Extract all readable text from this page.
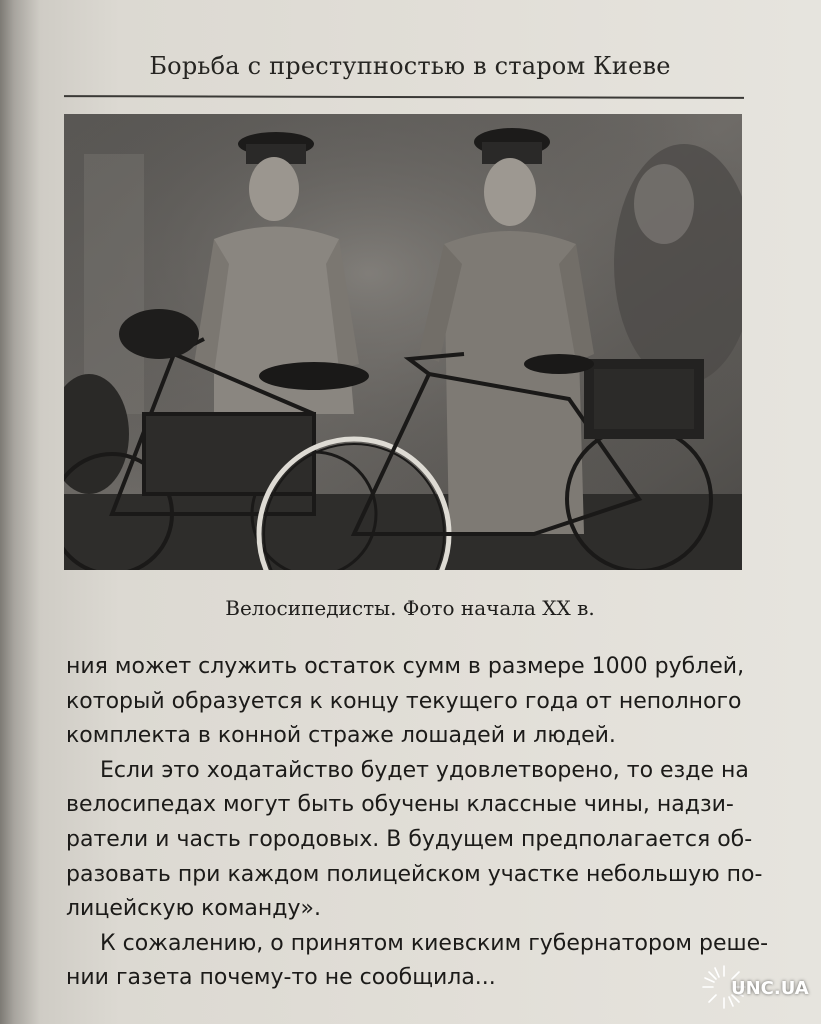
Борьба с преступностью в старом Киеве
Велосипедисты. Фото начала XX в.
ния может служить остаток сумм в размере 1000 рублей,
который образуется к концу текущего года от неполного
комплекта в конной страже лошадей и людей.
Если это ходатайство будет удовлетворено, то езде на
велосипедах могут быть обучены классные чины, надзи-
ратели и часть городовых. В будущем предполагается об-
разовать при каждом полицейском участке небольшую по-
лицейскую команду».
К сожалению, о принятом киевским губернатором реше-
нии газета почему-то не сообщила...	UNC.UA
